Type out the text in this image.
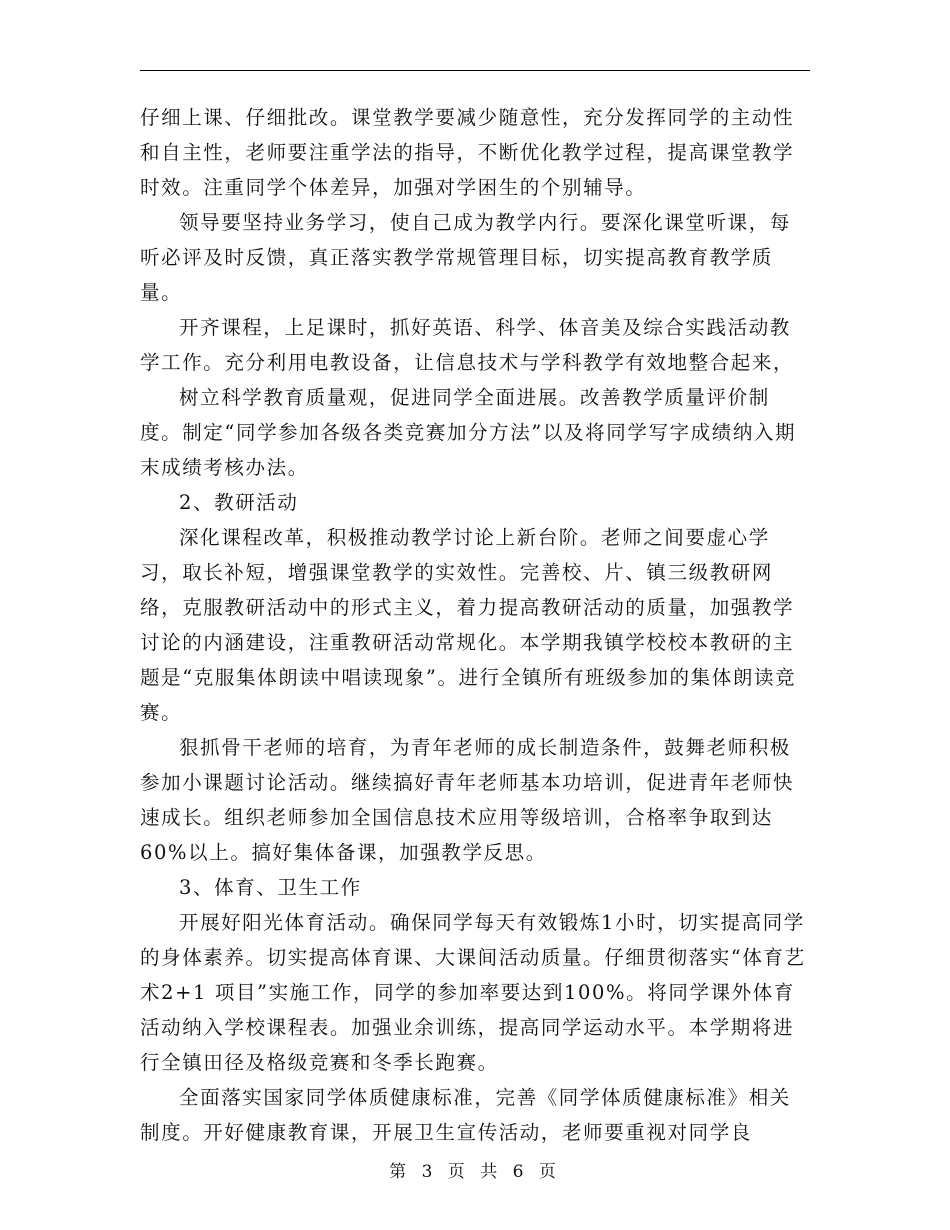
仔细上课、仔细批改。课堂教学要减少随意性，充分发挥同学的主动性和自主性，老师要注重学法的指导，不断优化教学过程，提高课堂教学时效。注重同学个体差异，加强对学困生的个别辅导。

领导要坚持业务学习，使自己成为教学内行。要深化课堂听课，每听必评及时反馈，真正落实教学常规管理目标，切实提高教育教学质量。

开齐课程，上足课时，抓好英语、科学、体音美及综合实践活动教学工作。充分利用电教设备，让信息技术与学科教学有效地整合起来，

树立科学教育质量观，促进同学全面进展。改善教学质量评价制度。制定“同学参加各级各类竞赛加分方法”以及将同学写字成绩纳入期末成绩考核办法。

2、教研活动

深化课程改革，积极推动教学讨论上新台阶。老师之间要虚心学习，取长补短，增强课堂教学的实效性。完善校、片、镇三级教研网络，克服教研活动中的形式主义，着力提高教研活动的质量，加强教学讨论的内涵建设，注重教研活动常规化。本学期我镇学校校本教研的主题是“克服集体朗读中唱读现象”。进行全镇所有班级参加的集体朗读竞赛。

狠抓骨干老师的培育，为青年老师的成长制造条件，鼓舞老师积极参加小课题讨论活动。继续搞好青年老师基本功培训，促进青年老师快速成长。组织老师参加全国信息技术应用等级培训，合格率争取到达60%以上。搞好集体备课，加强教学反思。

3、体育、卫生工作

开展好阳光体育活动。确保同学每天有效锻炼1小时，切实提高同学的身体素养。切实提高体育课、大课间活动质量。仔细贯彻落实“体育艺术2+1 项目”实施工作，同学的参加率要达到100%。将同学课外体育活动纳入学校课程表。加强业余训练，提高同学运动水平。本学期将进行全镇田径及格级竞赛和冬季长跑赛。

全面落实国家同学体质健康标准，完善《同学体质健康标准》相关制度。开好健康教育课，开展卫生宣传活动，老师要重视对同学良

第 3 页 共 6 页
